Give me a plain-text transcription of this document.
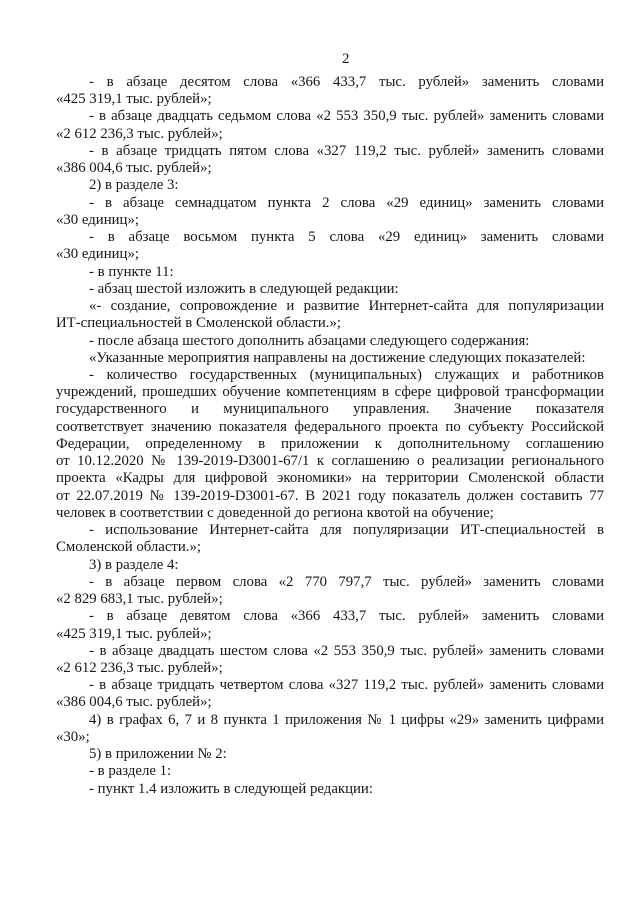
2
- в абзаце десятом слова «366 433,7 тыс. рублей» заменить словами
«425 319,1 тыс. рублей»;
- в абзаце двадцать седьмом слова «2 553 350,9 тыс. рублей» заменить словами
«2 612 236,3 тыс. рублей»;
- в абзаце тридцать пятом слова «327 119,2 тыс. рублей» заменить словами
«386 004,6 тыс. рублей»;
2) в разделе 3:
- в абзаце семнадцатом пункта 2 слова «29 единиц» заменить словами
«30 единиц»;
- в абзаце восьмом пункта 5 слова «29 единиц» заменить словами
«30 единиц»;
- в пункте 11:
- абзац шестой изложить в следующей редакции:
«- создание, сопровождение и развитие Интернет-сайта для популяризации
ИТ-специальностей в Смоленской области.»;
- после абзаца шестого дополнить абзацами следующего содержания:
«Указанные мероприятия направлены на достижение следующих показателей:
- количество государственных (муниципальных) служащих и работников
учреждений, прошедших обучение компетенциям в сфере цифровой трансформации
государственного и муниципального управления. Значение показателя
соответствует значению показателя федерального проекта по субъекту Российской
Федерации, определенному в приложении к дополнительному соглашению
от 10.12.2020 № 139-2019-D3001-67/1 к соглашению о реализации регионального
проекта «Кадры для цифровой экономики» на территории Смоленской области
от 22.07.2019 № 139-2019-D3001-67. В 2021 году показатель должен составить 77
человек в соответствии с доведенной до региона квотой на обучение;
- использование Интернет-сайта для популяризации ИТ-специальностей в
Смоленской области.»;
3) в разделе 4:
- в абзаце первом слова «2 770 797,7 тыс. рублей» заменить словами
«2 829 683,1 тыс. рублей»;
- в абзаце девятом слова «366 433,7 тыс. рублей» заменить словами
«425 319,1 тыс. рублей»;
- в абзаце двадцать шестом слова «2 553 350,9 тыс. рублей» заменить словами
«2 612 236,3 тыс. рублей»;
- в абзаце тридцать четвертом слова «327 119,2 тыс. рублей» заменить словами
«386 004,6 тыс. рублей»;
4) в графах 6, 7 и 8 пункта 1 приложения № 1 цифры «29» заменить цифрами
«30»;
5) в приложении № 2:
- в разделе 1:
- пункт 1.4 изложить в следующей редакции:
